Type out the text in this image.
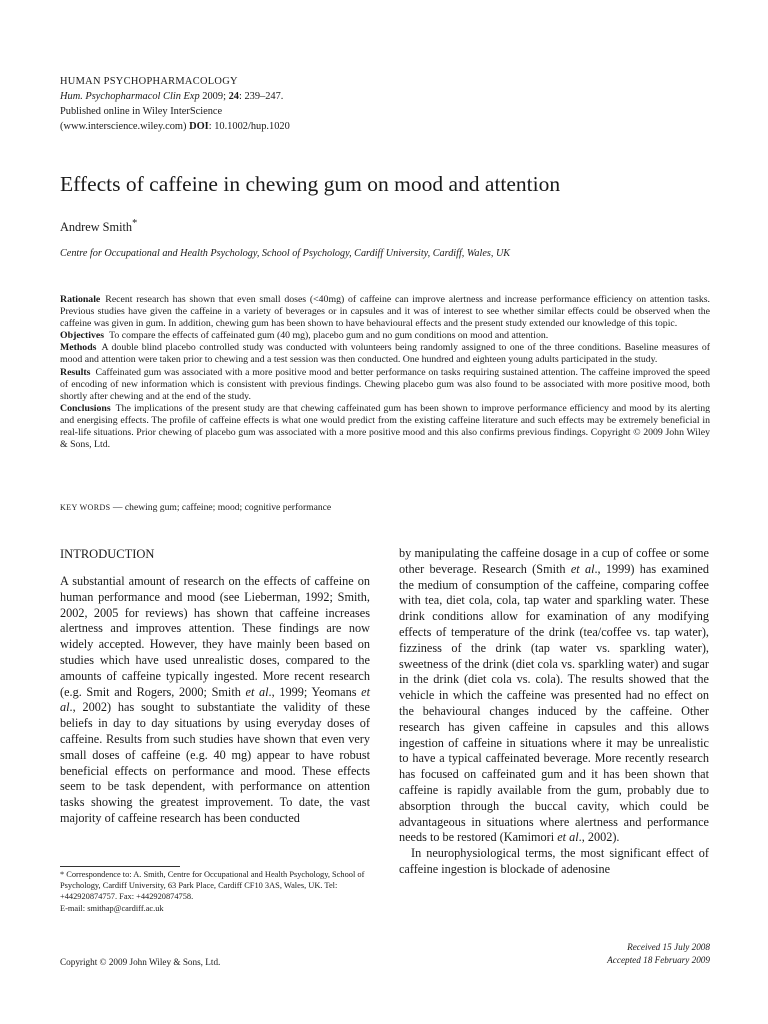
HUMAN PSYCHOPHARMACOLOGY
Hum. Psychopharmacol Clin Exp 2009; 24: 239–247.
Published online in Wiley InterScience
(www.interscience.wiley.com) DOI: 10.1002/hup.1020
Effects of caffeine in chewing gum on mood and attention
Andrew Smith*
Centre for Occupational and Health Psychology, School of Psychology, Cardiff University, Cardiff, Wales, UK

Rationale Recent research has shown that even small doses (<40mg) of caffeine can improve alertness and increase performance efficiency on attention tasks. Previous studies have given the caffeine in a variety of beverages or in capsules and it was of interest to see whether similar effects could be observed when the caffeine was given in gum. In addition, chewing gum has been shown to have behavioural effects and the present study extended our knowledge of this topic.

Objectives To compare the effects of caffeinated gum (40 mg), placebo gum and no gum conditions on mood and attention.

Methods A double blind placebo controlled study was conducted with volunteers being randomly assigned to one of the three conditions. Baseline measures of mood and attention were taken prior to chewing and a test session was then conducted. One hundred and eighteen young adults participated in the study.

Results Caffeinated gum was associated with a more positive mood and better performance on tasks requiring sustained attention. The caffeine improved the speed of encoding of new information which is consistent with previous findings. Chewing placebo gum was also found to be associated with more positive mood, both shortly after chewing and at the end of the study.

Conclusions The implications of the present study are that chewing caffeinated gum has been shown to improve performance efficiency and mood by its alerting and energising effects. The profile of caffeine effects is what one would predict from the existing caffeine literature and such effects may be extremely beneficial in real-life situations. Prior chewing of placebo gum was associated with a more positive mood and this also confirms previous findings. Copyright © 2009 John Wiley & Sons, Ltd.

KEY WORDS — chewing gum; caffeine; mood; cognitive performance
INTRODUCTION

A substantial amount of research on the effects of caffeine on human performance and mood (see Lieberman, 1992; Smith, 2002, 2005 for reviews) has shown that caffeine increases alertness and improves attention. These findings are now widely accepted. However, they have mainly been based on studies which have used unrealistic doses, compared to the amounts of caffeine typically ingested. More recent research (e.g. Smit and Rogers, 2000; Smith et al., 1999; Yeomans et al., 2002) has sought to substantiate the validity of these beliefs in day to day situations by using everyday doses of caffeine. Results from such studies have shown that even very small doses of caffeine (e.g. 40 mg) appear to have robust beneficial effects on performance and mood. These effects seem to be task dependent, with performance on attention tasks showing the greatest improvement. To date, the vast majority of caffeine research has been conducted

* Correspondence to: A. Smith, Centre for Occupational and Health Psychology, School of Psychology, Cardiff University, 63 Park Place, Cardiff CF10 3AS, Wales, UK. Tel: +442920874757. Fax: +442920874758.

E-mail: smithap@cardiff.ac.uk

by manipulating the caffeine dosage in a cup of coffee or some other beverage. Research (Smith et al., 1999) has examined the medium of consumption of the caffeine, comparing coffee with tea, diet cola, cola, tap water and sparkling water. These drink conditions allow for examination of any modifying effects of temperature of the drink (tea/coffee vs. tap water), fizziness of the drink (tap water vs. sparkling water), sweetness of the drink (diet cola vs. sparkling water) and sugar in the drink (diet cola vs. cola). The results showed that the vehicle in which the caffeine was presented had no effect on the behavioural changes induced by the caffeine. Other research has given caffeine in capsules and this allows ingestion of caffeine in situations where it may be unrealistic to have a typical caffeinated beverage. More recently research has focused on caffeinated gum and it has been shown that caffeine is rapidly available from the gum, probably due to absorption through the buccal cavity, which could be advantageous in situations where alertness and performance needs to be restored (Kamimori et al., 2002).

In neurophysiological terms, the most significant effect of caffeine ingestion is blockade of adenosine

Copyright © 2009 John Wiley & Sons, Ltd.
Received 15 July 2008
Accepted 18 February 2009
